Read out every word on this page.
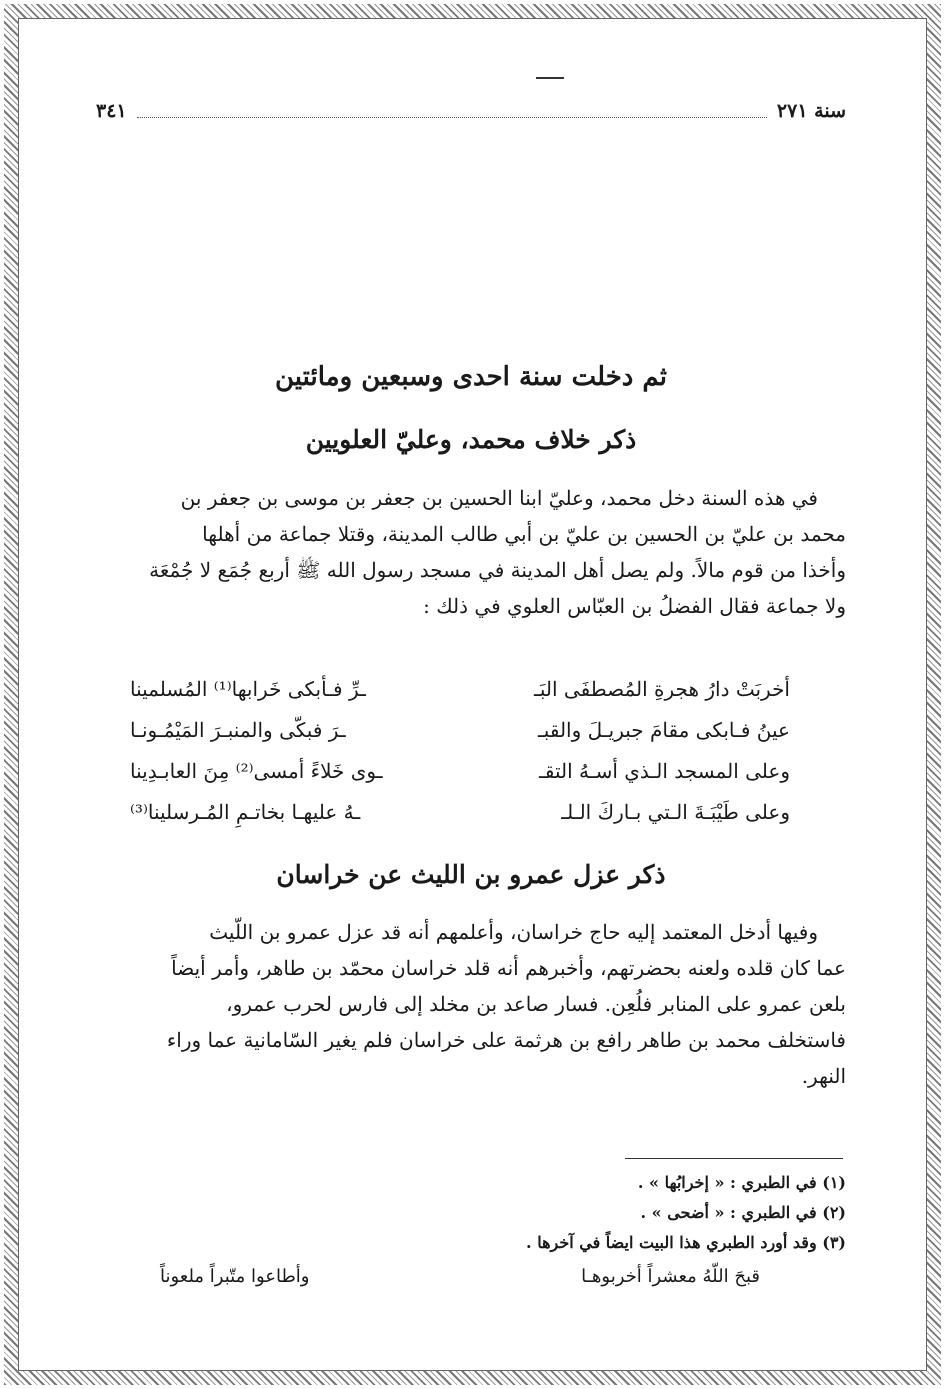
سنة ٢٧١
٣٤١
ثم دخلت سنة احدى وسبعين ومائتين
ذكر خلاف محمد، وعليّ العلويين

في هذه السنة دخل محمد، وعليّ ابنا الحسين بن جعفر بن موسى بن جعفر بن

محمد بن عليّ بن الحسين بن عليّ بن أبي طالب المدينة، وقتلا جماعة من أهلها

وأخذا من قوم مالاً. ولم يصل أهل المدينة في مسجد رسول الله ﷺ أربع جُمَع لا جُمْعَة

ولا جماعة فقال الفضلُ بن العبّاس العلوي في ذلك :

أخربَتْ دارُ هجرةِ المُصطفَى البَـ
ـرِّ فـأبكى خَرابها⁽¹⁾ المُسلمينا
عينُ فـابكى مقامَ جبريـلَ والقبـ
ـرَ فبكّى والمنبـرَ المَيْمُـونـا
وعلى المسجد الـذي أسـهُ التقـ
ـوى خَلاءً أمسى⁽²⁾ مِنَ العابـدِينا
وعلى طَيْبَـةَ الـتي بـاركَ الـلـ
ـهُ عليهـا بخاتـمِ المُـرسلينا⁽³⁾
ذكر عزل عمرو بن الليث عن خراسان

وفيها أدخل المعتمد إليه حاج خراسان، وأعلمهم أنه قد عزل عمرو بن اللّيث

عما كان قلده ولعنه بحضرتهم، وأخبرهم أنه قلد خراسان محمّد بن طاهر، وأمر أيضاً

بلعن عمرو على المنابر فلُعِن. فسار صاعد بن مخلد إلى فارس لحرب عمرو،

فاستخلف محمد بن طاهر رافع بن هرثمة على خراسان فلم يغير السّامانية عما وراء

النهر.

(١) في الطبري : « إخرابُها » .
(٢) في الطبري : « أضحى » .
(٣) وقد أورد الطبري هذا البيت ايضاً في آخرها .
قبحَ اللّهُ معشراً أخربوهـا
وأطاعوا متّبراً ملعوناً
